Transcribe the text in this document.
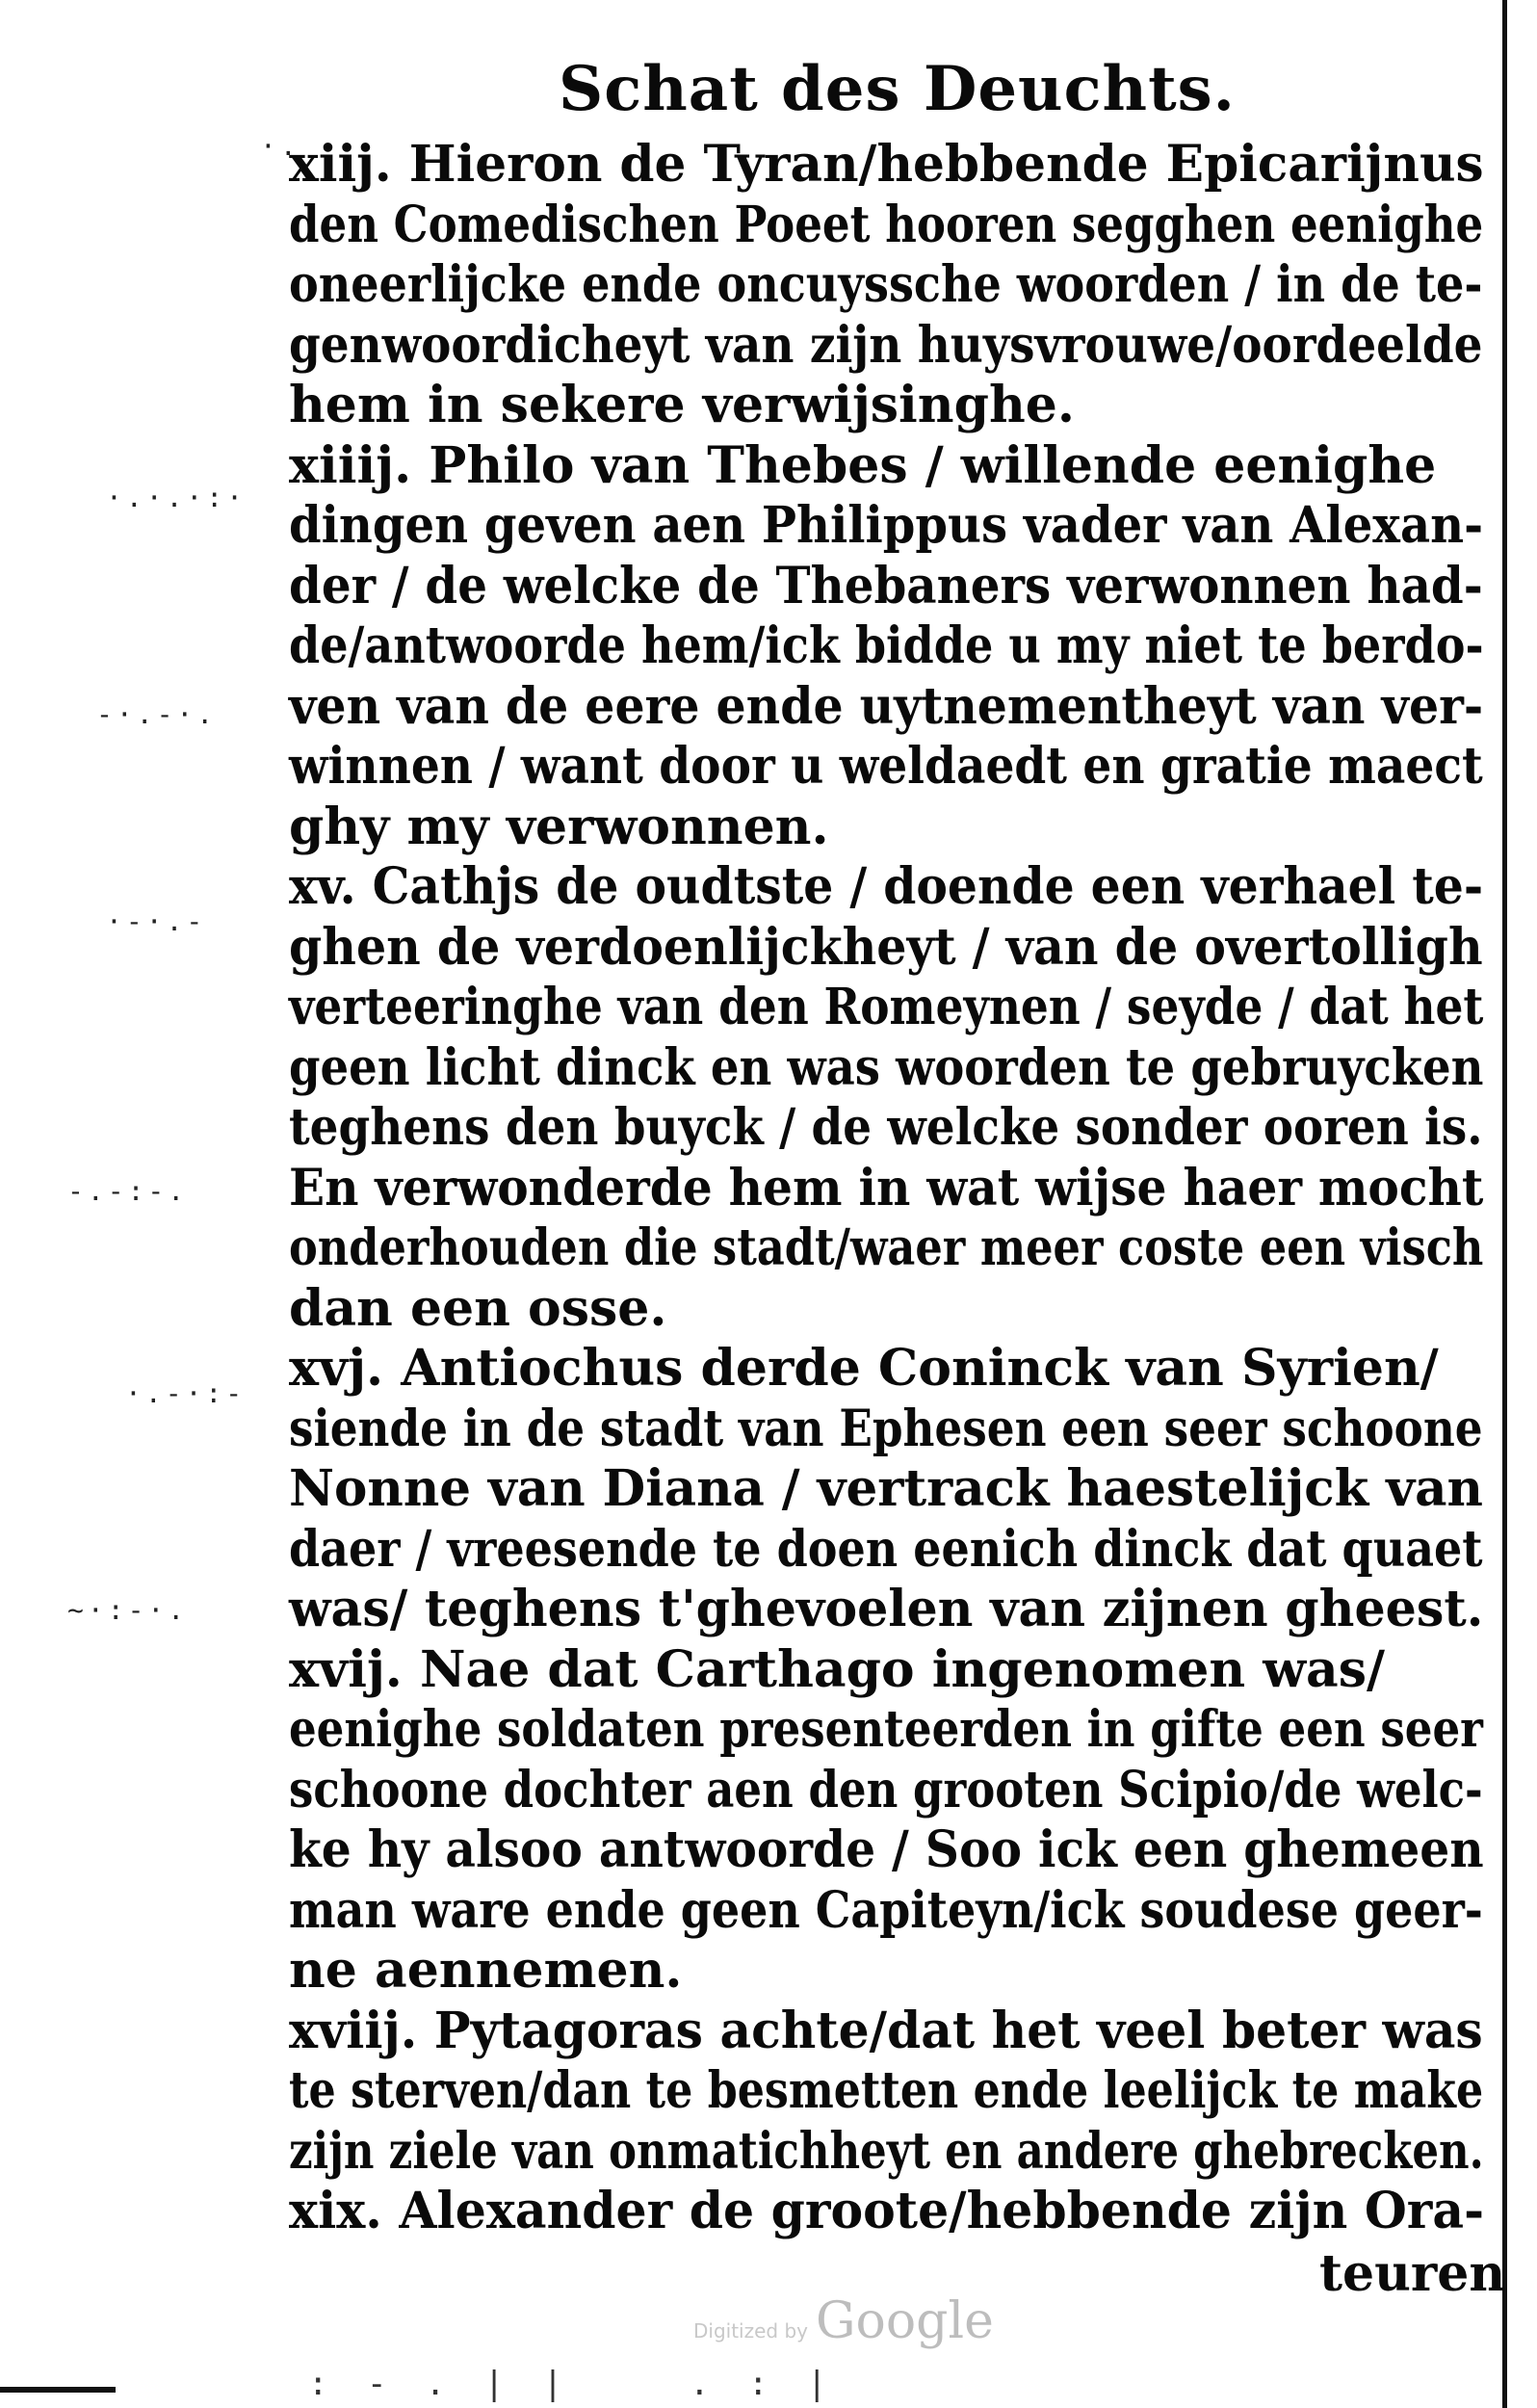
Schat des Deuchts.
·.
·.·.·:·
-·.-·.
·-·.-
-.-:-.
·.-·:-
~·:-·.
xiij. Hieron de Tyran/hebbende Epicarijnus
den Comedischen Poeet hooren segghen eenighe
oneerlijcke ende oncuyssche woorden / in de te-
genwoordicheyt van zijn huysvrouwe/oordeelde
hem in sekere verwijsinghe.
xiiij. Philo van Thebes / willende eenighe
dingen geven aen Philippus vader van Alexan-
der / de welcke de Thebaners verwonnen had-
de/antwoorde hem/ick bidde u my niet te berdo-
ven van de eere ende uytnementheyt van ver-
winnen / want door u weldaedt en gratie maect
ghy my verwonnen.
xv. Cathjs de oudtste / doende een verhael te-
ghen de verdoenlijckheyt / van de overtolligh
verteeringhe van den Romeynen / seyde / dat het
geen licht dinck en was woorden te gebruycken
teghens den buyck / de welcke sonder ooren is.
En verwonderde hem in wat wijse haer mocht
onderhouden die stadt/waer meer coste een visch
dan een osse.
xvj. Antiochus derde Coninck van Syrien/
siende in de stadt van Ephesen een seer schoone
Nonne van Diana / vertrack haestelijck van
daer / vreesende te doen eenich dinck dat quaet
was/ teghens t'ghevoelen van zijnen gheest.
xvij. Nae dat Carthago ingenomen was/
eenighe soldaten presenteerden in gifte een seer
schoone dochter aen den grooten Scipio/de welc-
ke hy alsoo antwoorde / Soo ick een ghemeen
man ware ende geen Capiteyn/ick soudese geer-
ne aennemen.
xviij. Pytagoras achte/dat het veel beter was
te sterven/dan te besmetten ende leelijck te make
zijn ziele van onmatichheyt en andere ghebrecken.
xix. Alexander de groote/hebbende zijn Ora-
teuren
Digitized by Google
: - . | |    . : |
